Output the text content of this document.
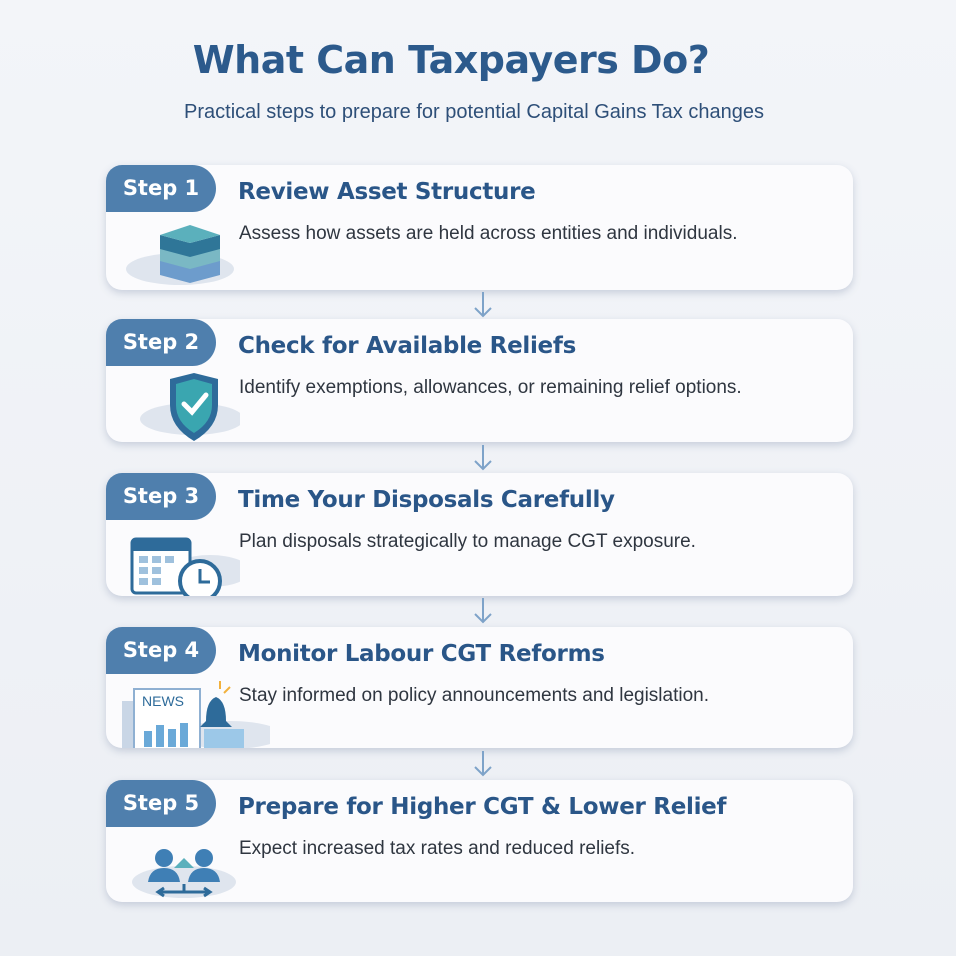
What Can Taxpayers Do?
Practical steps to prepare for potential Capital Gains Tax changes
Step 1	Review Asset Structure
Assess how assets are held across entities and individuals.
Step 2	Check for Available Reliefs
Identify exemptions, allowances, or remaining relief options.
Step 3	Time Your Disposals Carefully
Plan disposals strategically to manage CGT exposure.
Step 4	Monitor Labour CGT Reforms
Stay informed on policy announcements and legislation.
NEWS
Step 5	Prepare for Higher CGT & Lower Relief
Expect increased tax rates and reduced reliefs.
